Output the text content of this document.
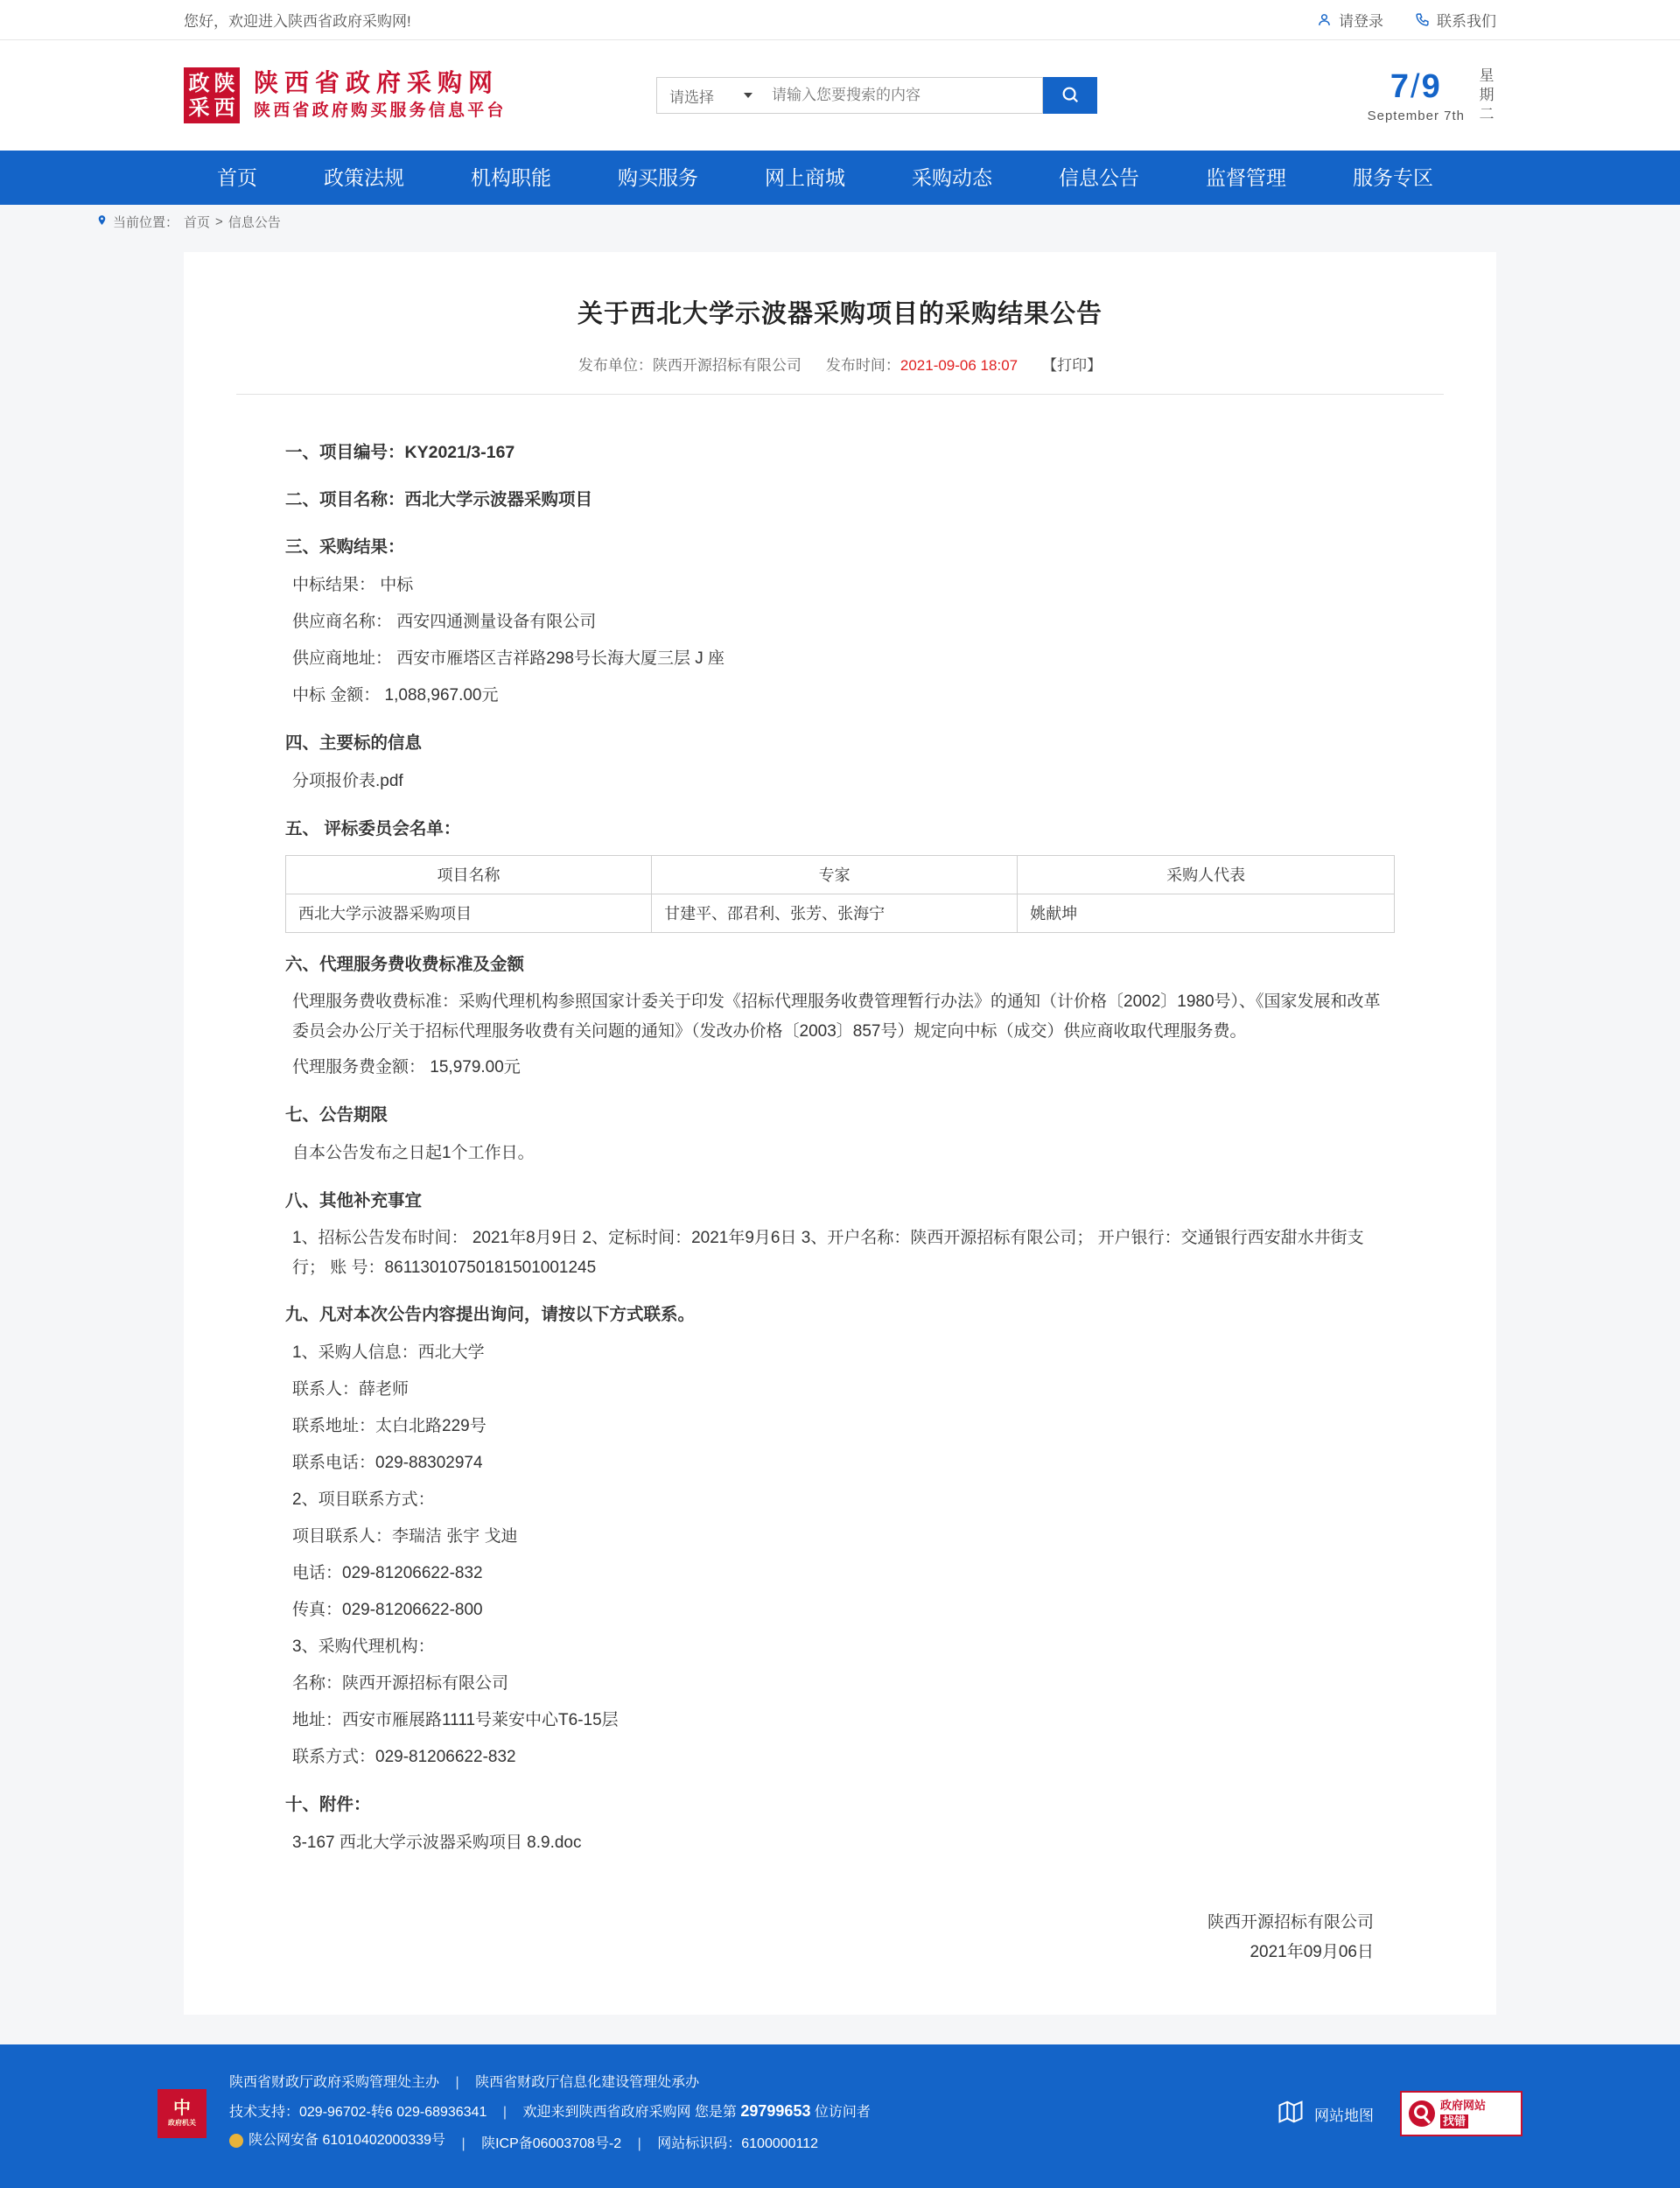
您好，欢迎进入陕西省政府采购网!	请登录	联系我们
政 陕
采 西
陕西省政府采购网
陕西省政府购买服务信息平台
请选择
请输入您要搜索的内容	7/9
September 7th
星期二
首页	政策法规	机构职能	购买服务	网上商城	采购动态	信息公告	监督管理	服务专区
当前位置： 首页 > 信息公告
关于西北大学示波器采购项目的采购结果公告
发布单位：陕西开源招标有限公司 发布时间：2021-09-06 18:07 【打印】
一、项目编号：KY2021/3-167
二、项目名称：西北大学示波器采购项目
三、采购结果：
中标结果： 中标
供应商名称： 西安四通测量设备有限公司
供应商地址： 西安市雁塔区吉祥路298号长海大厦三层 J 座
中标 金额： 1,088,967.00元
四、主要标的信息
分项报价表.pdf
五、 评标委员会名单：
项目名称	专家	采购人代表
西北大学示波器采购项目	甘建平、邵君利、张芳、张海宁	姚献坤
六、代理服务费收费标准及金额
代理服务费收费标准：采购代理机构参照国家计委关于印发《招标代理服务收费管理暂行办法》的通知（计价格〔2002〕1980号）、《国家发展和改革委员会办公厅关于招标代理服务收费有关问题的通知》（发改办价格〔2003〕857号）规定向中标（成交）供应商收取代理服务费。
代理服务费金额： 15,979.00元
七、公告期限
自本公告发布之日起1个工作日。
八、其他补充事宜
1、招标公告发布时间： 2021年8月9日 2、定标时间：2021年9月6日 3、开户名称：陕西开源招标有限公司； 开户银行：交通银行西安甜水井街支行； 账 号：86113010750181501001245
九、凡对本次公告内容提出询问，请按以下方式联系。
1、采购人信息：西北大学
联系人：薛老师
联系地址：太白北路229号
联系电话：029-88302974
2、项目联系方式：
项目联系人：李瑞洁 张宇 戈迪
电话：029-81206622-832
传真：029-81206622-800
3、采购代理机构：
名称：陕西开源招标有限公司
地址：西安市雁展路1111号莱安中心T6-15层
联系方式：029-81206622-832
十、附件：
3-167 西北大学示波器采购项目 8.9.doc
陕西开源招标有限公司
2021年09月06日
中
政府机关
陕西省财政厅政府采购管理处主办 | 陕西省财政厅信息化建设管理处承办
技术支持：029-96702-转6 029-68936341 | 欢迎来到陕西省政府采购网 您是第 29799653 位访问者
陕公网安备 61010402000339号 | 陕ICP备06003708号-2 | 网站标识码：6100000112
网站地图
政府网站
找错
